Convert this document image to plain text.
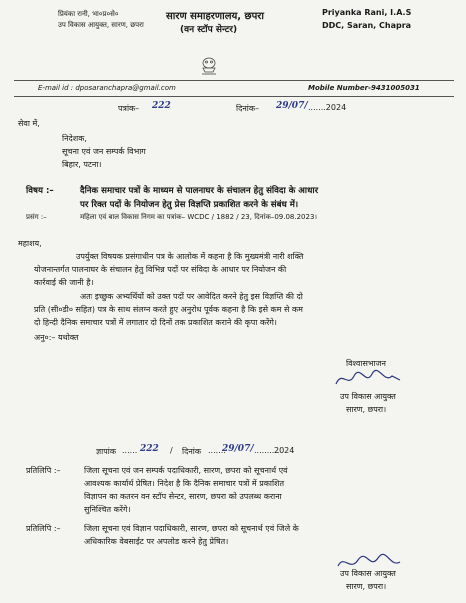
प्रियंका रानी, भा०प्र०से०
उप विकास आयुक्त, सारण, छपरा
सारण समाहरणालय, छपरा
(वन स्टॉप सेन्टर)
Priyanka Rani, I.A.S
DDC, Saran, Chapra
E-mail id : dposaranchapra@gmail.com	Mobile Number-9431005031
पत्रांक– 222	दिनांक– 29/07/ .......2024
सेवा में,
निदेशक,
सूचना एवं जन सम्पर्क विभाग
बिहार, पटना।
विषय :–	दैनिक समाचार पत्रों के माध्यम से पालनाघर के संचालन हेतु संविदा के आधार
पर रिक्त पदों के नियोजन हेतु प्रेस विज्ञप्ति प्रकाशित करने के संबंध में।
प्रसंग :–	महिला एवं बाल विकास निगम का पत्रांक– WCDC / 1882 / 23, दिनांक–09.08.2023।
महाशय,
उपर्युक्त विषयक प्रसंगाधीन पत्र के आलोक में कहना है कि मुख्यमंत्री नारी शक्ति
योजनान्तर्गत पालनाघर के संचालन हेतु विभिन्न पदों पर संविदा के आधार पर नियोजन की
कार्रवाई की जानी है।
अतः इच्छुक अभ्यर्थियों को उक्त पदों पर आवेदित करने हेतु इस विज्ञप्ति की दो
प्रति (सी०डी० सहित) पत्र के साथ संलग्न करते हुए अनुरोध पूर्वक कहना है कि इसे कम से कम
दो हिन्दी दैनिक समाचार पत्रों में लगातार दो दिनों तक प्रकाशित कराने की कृपा करेंगे।
अनु०:– यथोक्त
विश्वासभाजन
उप विकास आयुक्त
सारण, छपरा।
ज्ञापांक ...... 222 / दिनांक .......
29/07/ ..........
2024
प्रतिलिपि :–	जिला सूचना एवं जन सम्पर्क पदाधिकारी, सारण, छपरा को सूचनार्थ एवं
आवश्यक कार्यार्थ प्रेषित। निदेश है कि दैनिक समाचार पत्रों में प्रकाशित
विज्ञापन का कतरन वन स्टॉप सेन्टर, सारण, छपरा को उपलब्ध कराना
सुनिश्चित करेंगे।
प्रतिलिपि :–	जिला सूचना एवं विज्ञान पदाधिकारी, सारण, छपरा को सूचनार्थ एवं जिले के
अधिकारिक वेबसाईट पर अपलोड करने हेतु प्रेषित।
उप विकास आयुक्त
सारण, छपरा।
